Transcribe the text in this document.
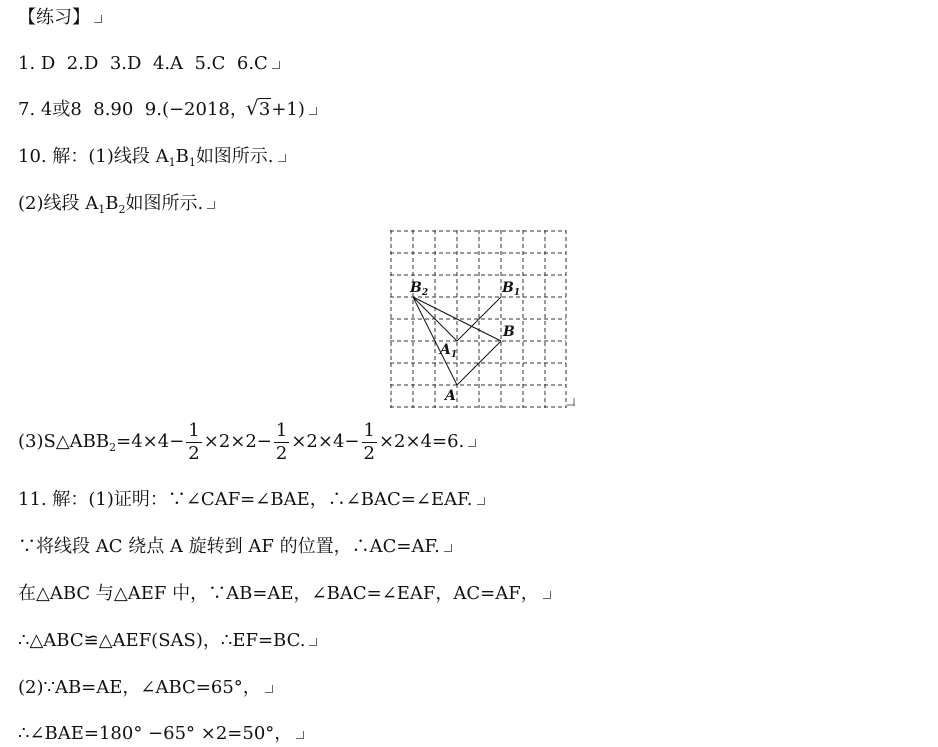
【练习】
1. D  2.D  3.D  4.A  5.C  6.C
7. 4或8  8.90  9.(−2018，√ 3+1)
10. 解：(1)线段 $A_1B_1$如图所示.
(2)线段 $A_1B_2$如图所示.
$B_2$	$B_1$
B
$A_1$
A
$(3)S\triangle ABB_2=4\times 4- \frac{1}{2} \times 2\times 2- \frac{1}{2} \times 2\times 4- \frac{1}{2} \times 2\times 4=6$.
11. 解：(1)证明：∵∠CAF=∠BAE，∴∠BAC=∠EAF.
∵将线段 AC 绕点 A 旋转到 AF 的位置，∴AC=AF.
在△ABC 与△AEF 中，∵AB=AE，∠BAC=∠EAF，AC=AF，
∴△ABC≌△AEF(SAS)，∴EF=BC.
(2)∵AB=AE，∠ABC=65°，
∴∠BAE=180° −65° ×2=50°，
